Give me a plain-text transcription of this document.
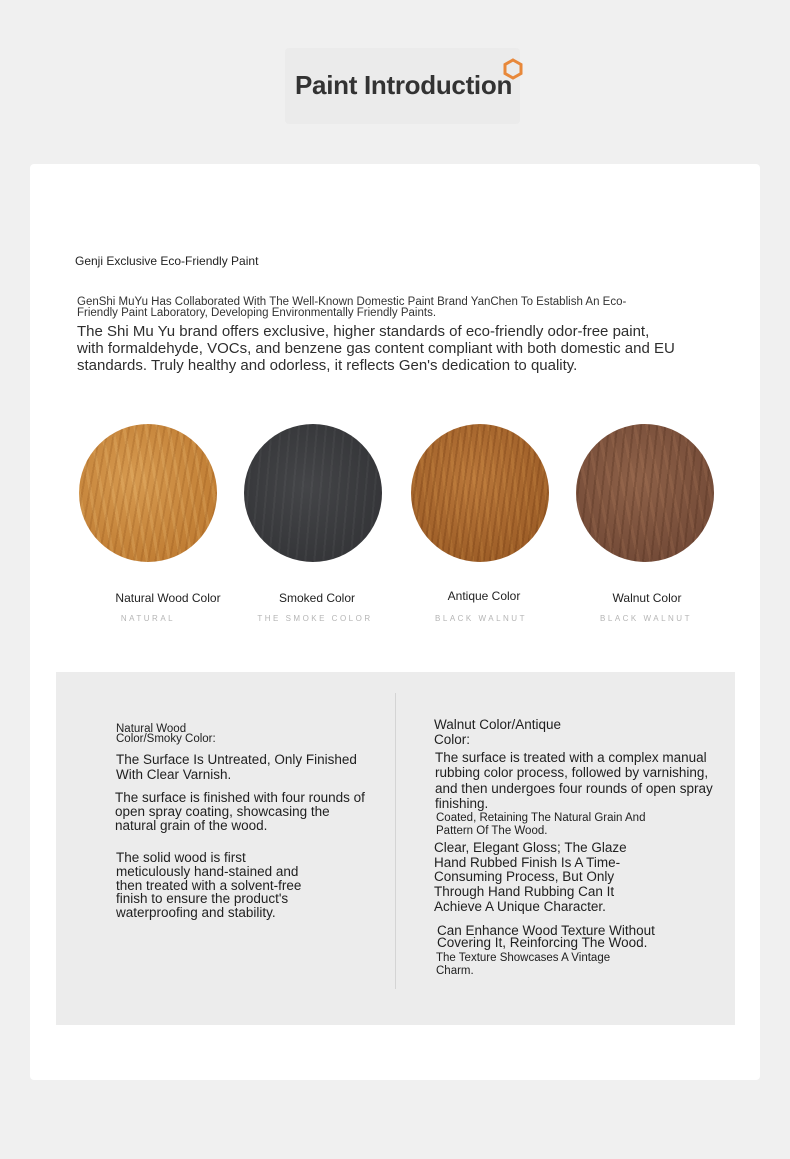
Paint Introduction
Genji Exclusive Eco-Friendly Paint
GenShi MuYu Has Collaborated With The Well-Known Domestic Paint Brand YanChen To Establish An Eco-Friendly Paint Laboratory, Developing Environmentally Friendly Paints.
The Shi Mu Yu brand offers exclusive, higher standards of eco-friendly odor-free paint, with formaldehyde, VOCs, and benzene gas content compliant with both domestic and EU standards. Truly healthy and odorless, it reflects Gen's dedication to quality.
Natural Wood Color
NATURAL
Smoked Color
THE SMOKE COLOR
Antique Color
BLACK WALNUT
Walnut Color
BLACK WALNUT
Natural Wood Color/Smoky Color:
The Surface Is Untreated, Only Finished With Clear Varnish.
The surface is finished with four rounds of open spray coating, showcasing the natural grain of the wood.
The solid wood is first meticulously hand-stained and then treated with a solvent-free finish to ensure the product's waterproofing and stability.
Walnut Color/Antique Color:
The surface is treated with a complex manual rubbing color process, followed by varnishing, and then undergoes four rounds of open spray finishing.
Coated, Retaining The Natural Grain And Pattern Of The Wood.
Clear, Elegant Gloss; The Glaze Hand Rubbed Finish Is A Time-Consuming Process, But Only Through Hand Rubbing Can It Achieve A Unique Character.
Can Enhance Wood Texture Without Covering It, Reinforcing The Wood.
The Texture Showcases A Vintage Charm.
